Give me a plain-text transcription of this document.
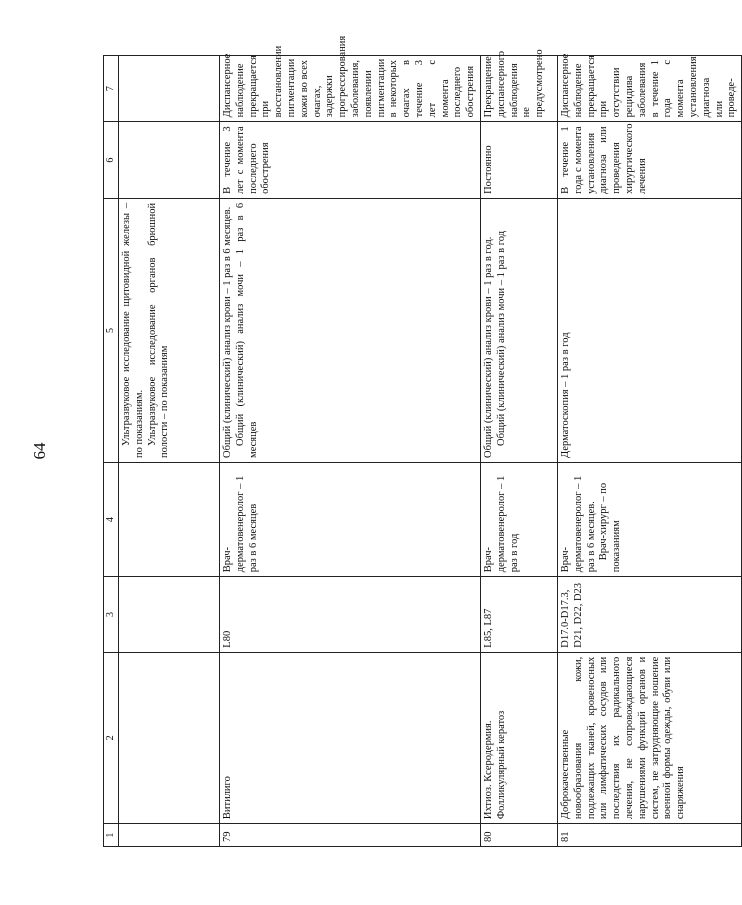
64
1	2	3	4	5	6	7

				Ультразвуковое исследование щитовидной железы – по показаниям. Ультразвуковое исследование органов брюшной полости – по показаниям		

79	Витилиго	L80	Врач-дерматовенеролог – 1 раз в 6 месяцев	Общий (клинический) анализ крови – 1 раз в 6 месяцев. Общий (клинический) анализ мочи – 1 раз в 6 месяцев	В течение 3 лет с момента последнего обострения	Диспансерное наблюдение прекращается при восстановлении пигментации кожи во всех очагах, задержки прогрессирования заболевания, появлении пигментации в некоторых очагах в течение 3 лет с момента последнего обострения
80	Ихтиоз. Ксеродермия. Фолликулярный кератоз	L85, L87	Врач-дерматовенеролог – 1 раз в год	Общий (клинический) анализ крови – 1 раз в год. Общий (клинический) анализ мочи – 1 раз в год	Постоянно	Прекращение диспансерного наблюдения не предусмотрено
81	Доброкачественные новообразования кожи, подлежащих тканей, кровеносных или лимфатических сосудов или последствия их радикального лечения, не сопровождающиеся нарушениями функций органов и систем, не затрудняющие ношение военной формы одежды, обуви или снаряжения	D17.0-D17.3, D21, D22, D23	Врач-дерматовенеролог – 1 раз в 6 месяцев. Врач-хирург – по показаниям	Дерматоскопия – 1 раз в год	В течение 1 года с момента установления диагноза или проведения хирургического лечения	Диспансерное наблюдение прекращается при отсутствии рецидива заболевания в течение 1 года с момента установления диагноза или проведе-
